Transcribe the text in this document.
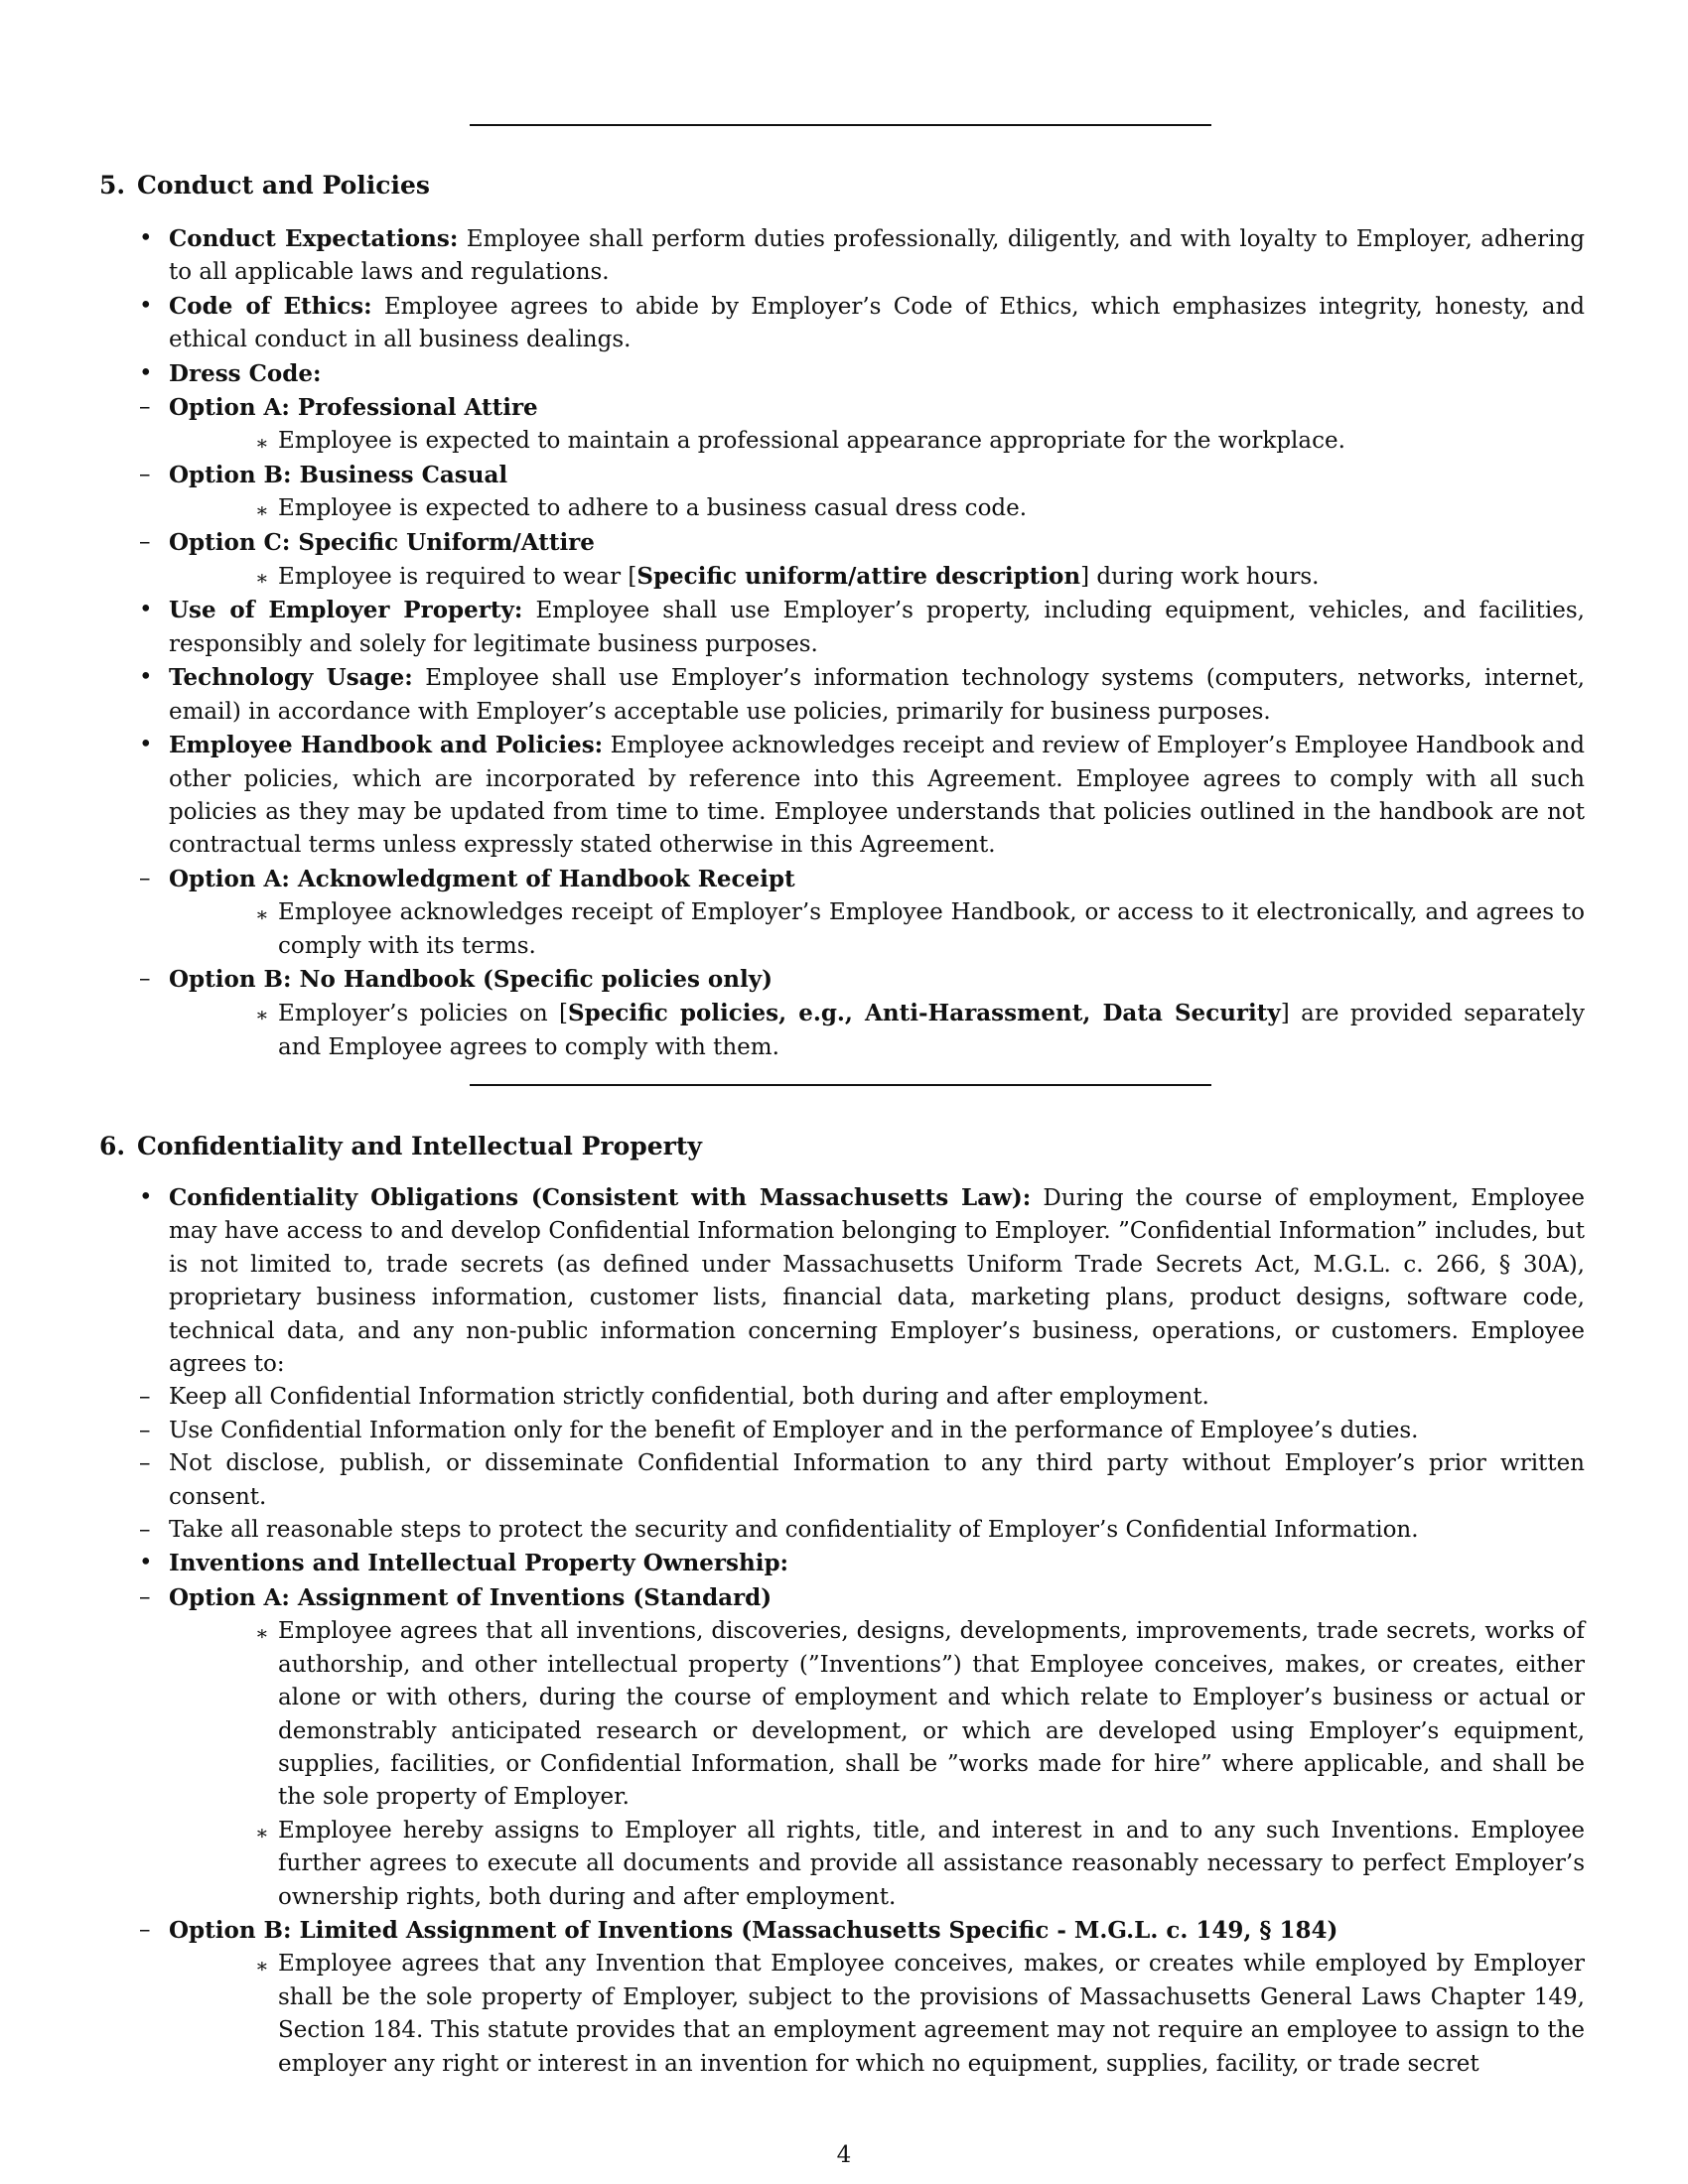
5. Conduct and Policies
• Conduct Expectations: Employee shall perform duties professionally, diligently, and with loyalty to Employer, adhering to all applicable laws and regulations.
• Code of Ethics: Employee agrees to abide by Employer’s Code of Ethics, which emphasizes integrity, honesty, and ethical conduct in all business dealings.
• Dress Code:
– Option A: Professional Attire
∗ Employee is expected to maintain a professional appearance appropriate for the workplace.
– Option B: Business Casual
∗ Employee is expected to adhere to a business casual dress code.
– Option C: Specific Uniform/Attire
∗ Employee is required to wear [Specific uniform/attire description] during work hours.
• Use of Employer Property: Employee shall use Employer’s property, including equipment, vehicles, and facilities, responsibly and solely for legitimate business purposes.
• Technology Usage: Employee shall use Employer’s information technology systems (computers, networks, internet, email) in accordance with Employer’s acceptable use policies, primarily for business purposes.
• Employee Handbook and Policies: Employee acknowledges receipt and review of Employer’s Employee Handbook and other policies, which are incorporated by reference into this Agreement. Employee agrees to comply with all such policies as they may be updated from time to time. Employee understands that policies outlined in the handbook are not contractual terms unless expressly stated otherwise in this Agreement.
– Option A: Acknowledgment of Handbook Receipt
∗ Employee acknowledges receipt of Employer’s Employee Handbook, or access to it electronically, and agrees to comply with its terms.
– Option B: No Handbook (Specific policies only)
∗ Employer’s policies on [Specific policies, e.g., Anti-Harassment, Data Security] are provided separately and Employee agrees to comply with them.
6. Confidentiality and Intellectual Property
• Confidentiality Obligations (Consistent with Massachusetts Law): During the course of employment, Employee may have access to and develop Confidential Information belonging to Employer. ”Confidential Information” includes, but is not limited to, trade secrets (as defined under Massachusetts Uniform Trade Secrets Act, M.G.L. c. 266, § 30A), proprietary business information, customer lists, financial data, marketing plans, product designs, software code, technical data, and any non-public information concerning Employer’s business, operations, or customers. Employee agrees to:
– Keep all Confidential Information strictly confidential, both during and after employment.
– Use Confidential Information only for the benefit of Employer and in the performance of Employee’s duties.
– Not disclose, publish, or disseminate Confidential Information to any third party without Employer’s prior written consent.
– Take all reasonable steps to protect the security and confidentiality of Employer’s Confidential Information.
• Inventions and Intellectual Property Ownership:
– Option A: Assignment of Inventions (Standard)
∗ Employee agrees that all inventions, discoveries, designs, developments, improvements, trade secrets, works of authorship, and other intellectual property (”Inventions”) that Employee conceives, makes, or creates, either alone or with others, during the course of employment and which relate to Employer’s business or actual or demonstrably anticipated research or development, or which are developed using Employer’s equipment, supplies, facilities, or Confidential Information, shall be ”works made for hire” where applicable, and shall be the sole property of Employer.
∗ Employee hereby assigns to Employer all rights, title, and interest in and to any such Inventions. Employee further agrees to execute all documents and provide all assistance reasonably necessary to perfect Employer’s ownership rights, both during and after employment.
– Option B: Limited Assignment of Inventions (Massachusetts Specific - M.G.L. c. 149, § 184)
∗ Employee agrees that any Invention that Employee conceives, makes, or creates while employed by Employer shall be the sole property of Employer, subject to the provisions of Massachusetts General Laws Chapter 149, Section 184. This statute provides that an employment agreement may not require an employee to assign to the employer any right or interest in an invention for which no equipment, supplies, facility, or trade secret
4
